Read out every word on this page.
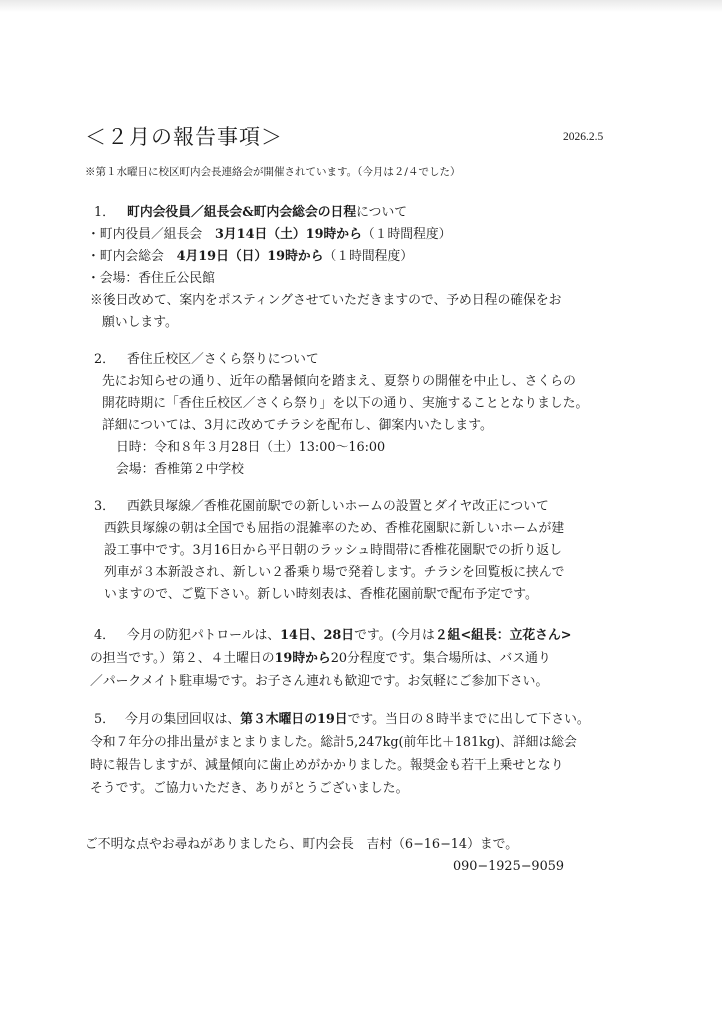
＜２月の報告事項＞	2026.2.5
※第１水曜日に校区町内会長連絡会が開催されています。（今月は２/４でした）
1． 町内会役員／組長会&町内会総会の日程について
・町内役員／組長会　3月14日（土）19時から（１時間程度）
・町内会総会　4月19日（日）19時から（１時間程度）
・会場：香住丘公民館
※後日改めて、案内をポスティングさせていただきますので、予め日程の確保をお
願いします。
2． 香住丘校区／さくら祭りについて
先にお知らせの通り、近年の酷暑傾向を踏まえ、夏祭りの開催を中止し、さくらの
開花時期に「香住丘校区／さくら祭り」を以下の通り、実施することとなりました。
詳細については、3月に改めてチラシを配布し、御案内いたします。
日時：令和８年３月28日（土）13:00〜16:00
会場：香椎第２中学校
3． 西鉄貝塚線／香椎花園前駅での新しいホームの設置とダイヤ改正について
西鉄貝塚線の朝は全国でも屈指の混雑率のため、香椎花園駅に新しいホームが建
設工事中です。3月16日から平日朝のラッシュ時間帯に香椎花園駅での折り返し
列車が３本新設され、新しい２番乗り場で発着します。チラシを回覧板に挟んで
いますので、ご覧下さい。新しい時刻表は、香椎花園前駅で配布予定です。
4． 今月の防犯パトロールは、14日、28日です。(今月は２組<組長：立花さん>
の担当です。）第２、４土曜日の19時から20分程度です。集合場所は、バス通り
／パークメイト駐車場です。お子さん連れも歓迎です。お気軽にご参加下さい。
5． 今月の集団回収は、第３木曜日の19日です。当日の８時半までに出して下さい。
令和７年分の排出量がまとまりました。総計5,247kg(前年比＋181kg)、詳細は総会
時に報告しますが、減量傾向に歯止めがかかりました。報奨金も若干上乗せとなり
そうです。ご協力いただき、ありがとうございました。
ご不明な点やお尋ねがありましたら、町内会長　吉村（6−16−14）まで。
090−1925−9059
